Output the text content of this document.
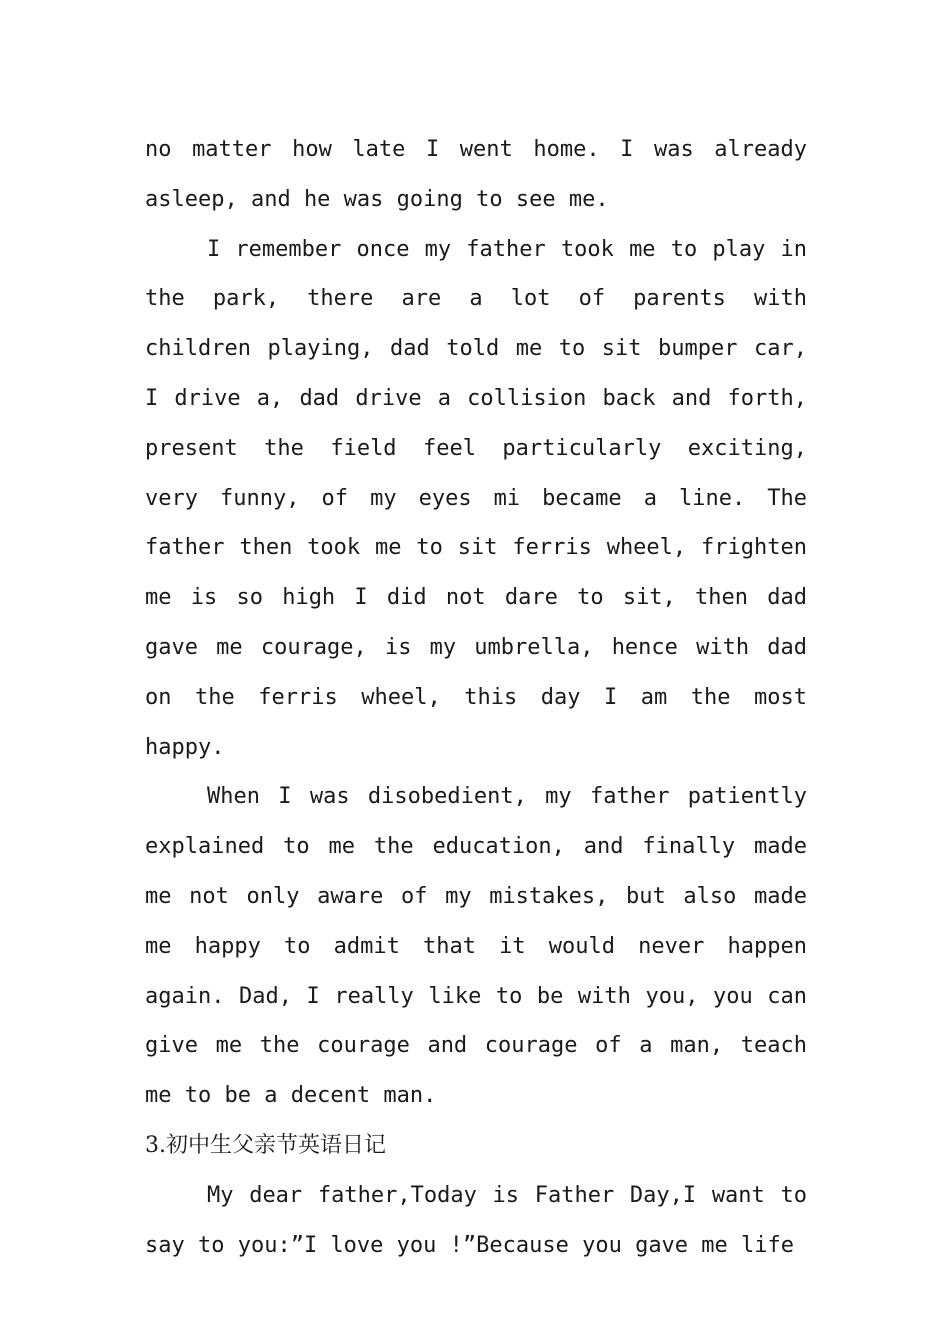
no matter how late I went home. I was already asleep, and he was going to see me.

I remember once my father took me to play in the park, there are a lot of parents with children playing, dad told me to sit bumper car, I drive a, dad drive a collision back and forth, present the field feel particularly exciting, very funny, of my eyes mi became a line. The father then took me to sit ferris wheel, frighten me is so high I did not dare to sit, then dad gave me courage, is my umbrella, hence with dad on the ferris wheel, this day I am the most happy.

When I was disobedient, my father patiently explained to me the education, and finally made me not only aware of my mistakes, but also made me happy to admit that it would never happen again. Dad, I really like to be with you, you can give me the courage and courage of a man, teach me to be a decent man.

3.初中生父亲节英语日记

My dear father,Today is Father Day,I want to say to you:”I love you !”Because you gave me life
